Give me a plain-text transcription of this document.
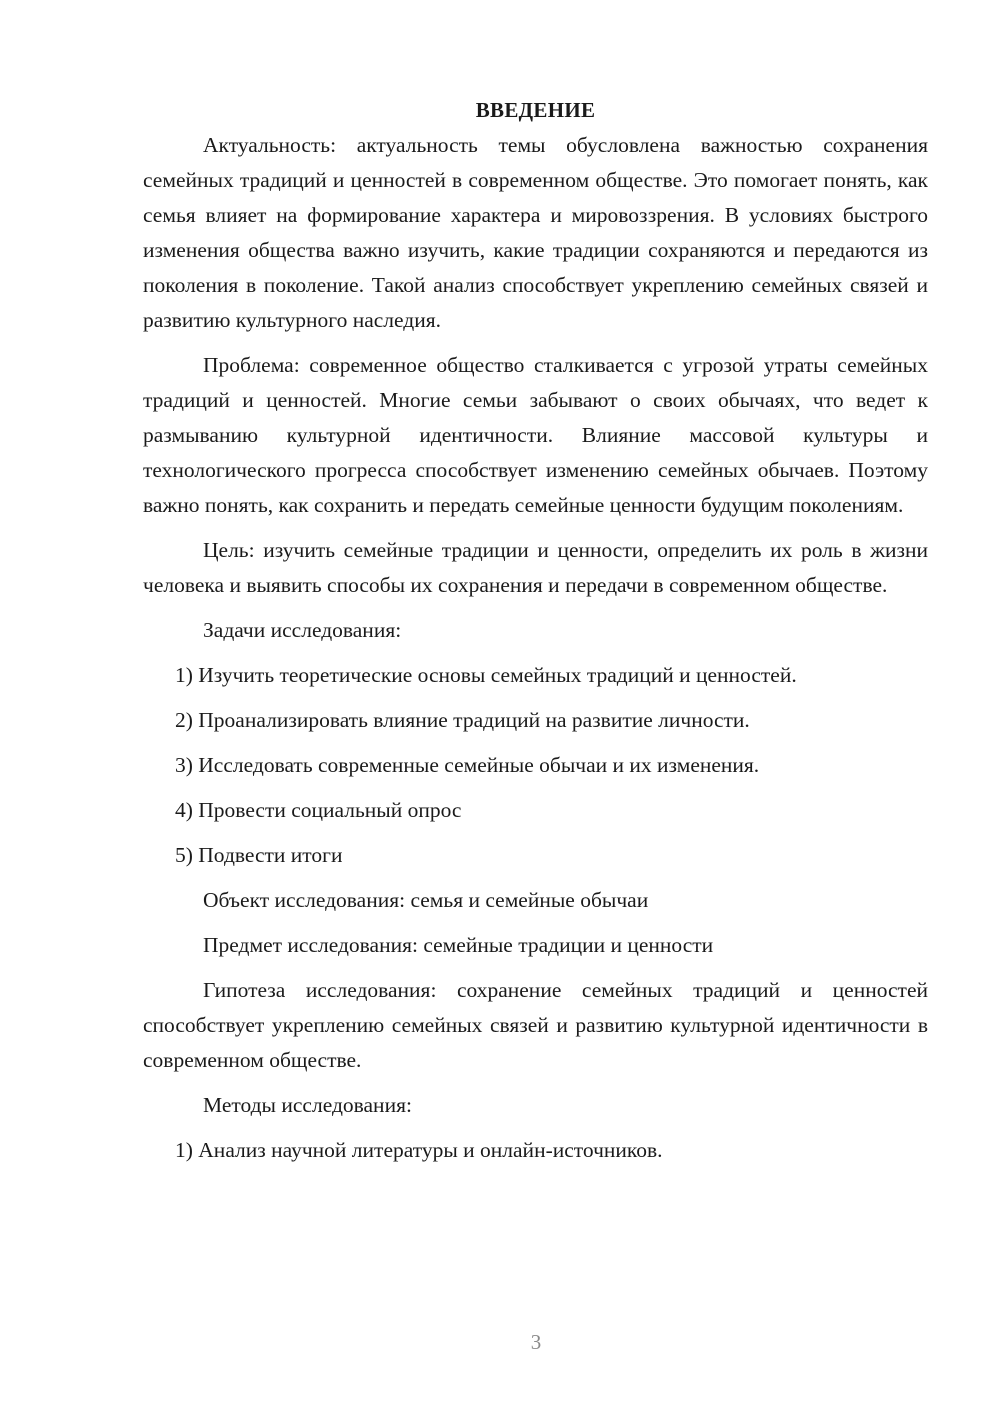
ВВЕДЕНИЕ

Актуальность: актуальность темы обусловлена важностью сохранения семейных традиций и ценностей в современном обществе. Это помогает понять, как семья влияет на формирование характера и мировоззрения. В условиях быстрого изменения общества важно изучить, какие традиции сохраняются и передаются из поколения в поколение. Такой анализ способствует укреплению семейных связей и развитию культурного наследия.

Проблема: современное общество сталкивается с угрозой утраты семейных традиций и ценностей. Многие семьи забывают о своих обычаях, что ведет к размыванию культурной идентичности. Влияние массовой культуры и технологического прогресса способствует изменению семейных обычаев. Поэтому важно понять, как сохранить и передать семейные ценности будущим поколениям.

Цель: изучить семейные традиции и ценности, определить их роль в жизни человека и выявить способы их сохранения и передачи в современном обществе.

Задачи исследования:

1) Изучить теоретические основы семейных традиций и ценностей.

2) Проанализировать влияние традиций на развитие личности.

3) Исследовать современные семейные обычаи и их изменения.

4) Провести социальный опрос

5) Подвести итоги

Объект исследования: семья и семейные обычаи

Предмет исследования: семейные традиции и ценности

Гипотеза исследования: сохранение семейных традиций и ценностей способствует укреплению семейных связей и развитию культурной идентичности в современном обществе.

Методы исследования:

1) Анализ научной литературы и онлайн-источников.

3
